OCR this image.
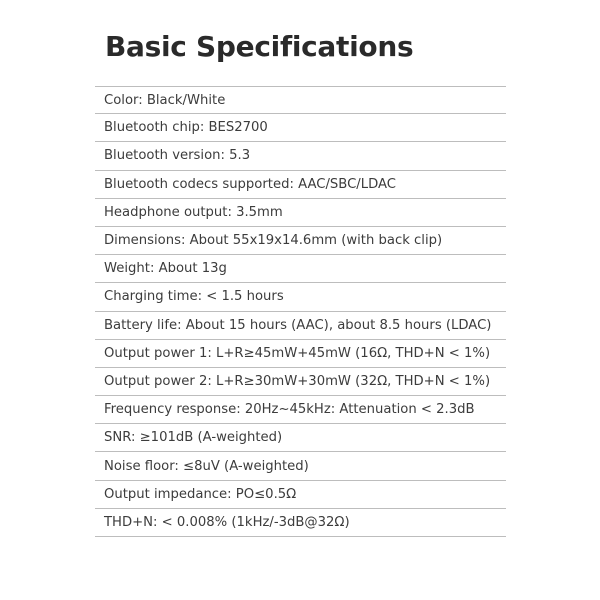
Basic Specifications
Color: Black/White
Bluetooth chip: BES2700
Bluetooth version: 5.3
Bluetooth codecs supported: AAC/SBC/LDAC
Headphone output: 3.5mm
Dimensions: About 55x19x14.6mm (with back clip)
Weight: About 13g
Charging time: < 1.5 hours
Battery life: About 15 hours (AAC), about 8.5 hours (LDAC)
Output power 1: L+R≥45mW+45mW (16Ω, THD+N < 1%)
Output power 2: L+R≥30mW+30mW (32Ω, THD+N < 1%)
Frequency response: 20Hz~45kHz: Attenuation < 2.3dB
SNR: ≥101dB (A-weighted)
Noise floor: ≤8uV (A-weighted)
Output impedance: PO≤0.5Ω
THD+N: < 0.008% (1kHz/-3dB@32Ω)
